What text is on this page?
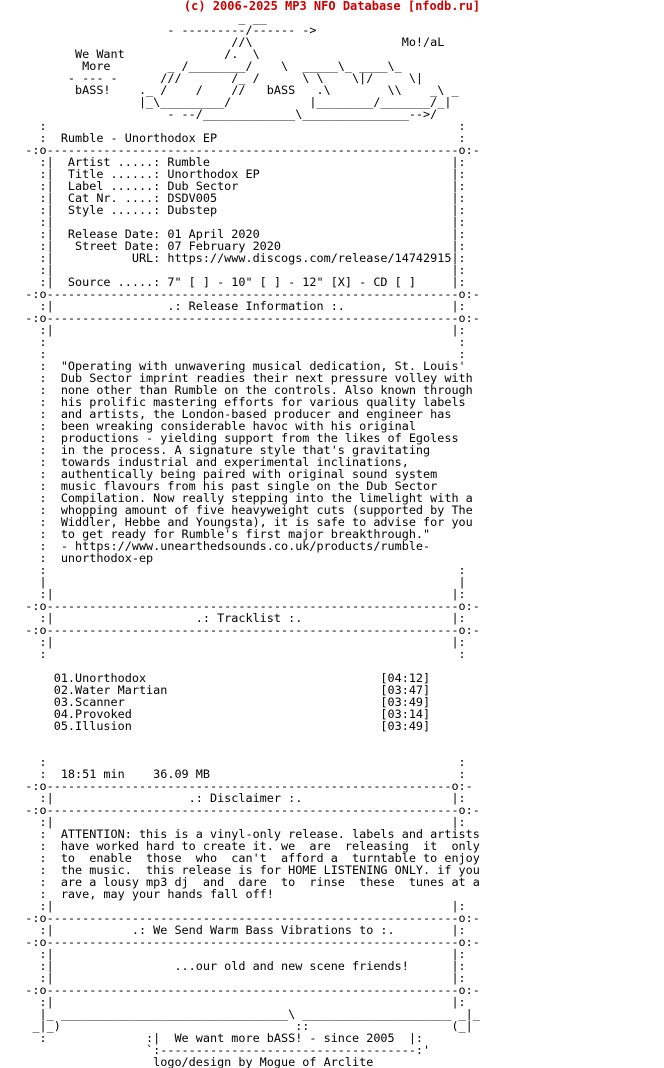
(c) 2006-2025 MP3 NFO Database [nfodb.ru]
_ __
- ---------/------ ->
//\                     Mo!/aL
We Want              /.  \
More        _ /________/    \  _____\_ ____\_
- --- -      ///       /_ /      \ \    \|/     \|
bASS!    ._ /    /    //   bASS   .\        \\    _\ _
|_\_________/           |________/_______/_|
- --/_____________\_______________-->/
:                                                          :
:  Rumble - Unorthodox EP                                  :
-:o----------------------------------------------------------o:-
:|  Artist .....: Rumble                                  |:
:|  Title ......: Unorthodox EP                           |:
:|  Label ......: Dub Sector                              |:
:|  Cat Nr. ....: DSDV005                                 |:
:|  Style ......: Dubstep                                 |:
:|                                                        |:
:|  Release Date: 01 April 2020                           |:
:|   Street Date: 07 February 2020                        |:
:|           URL: https://www.discogs.com/release/14742915|:
:|                                                        |:
:|  Source .....: 7" [ ] - 10" [ ] - 12" [X] - CD [ ]     |:
-:o----------------------------------------------------------o:-
:|                .: Release Information :.               |:
-:o----------------------------------------------------------o:-
:|                                                        |:
:                                                          :
:                                                          :
:  "Operating with unwavering musical dedication, St. Louis'
:  Dub Sector imprint readies their next pressure volley with
:  none other than Rumble on the controls. Also known through
:  his prolific mastering efforts for various quality labels
:  and artists, the London-based producer and engineer has
:  been wreaking considerable havoc with his original
:  productions - yielding support from the likes of Egoless
:  in the process. A signature style that's gravitating
:  towards industrial and experimental inclinations,
:  authentically being paired with original sound system
:  music flavours from his past single on the Dub Sector
:  Compilation. Now really stepping into the limelight with a
:  whopping amount of five heavyweight cuts (supported by The
:  Widdler, Hebbe and Youngsta), it is safe to advise for you
:  to get ready for Rumble's first major breakthrough."
:  - https://www.unearthedsounds.co.uk/products/rumble-
:  unorthodox-ep
:                                                          :
|                                                          |
:|                                                        |:
-:o----------------------------------------------------------o:-
:|                    .: Tracklist :.                     |:
-:o----------------------------------------------------------o:-
:|                                                        |:
:                                                          :

01.Unorthodox                                 [04:12]
02.Water Martian                              [03:47]
03.Scanner                                    [03:49]
04.Provoked                                   [03:14]
05.Illusion                                   [03:49]

:                                                          :
:  18:51 min    36.09 MB                                   :
-:o---------------------------------------------------------o:-
:|                   .: Disclaimer :.                     |:
-:o----------------------------------------------------------o:-
:|                                                        |:
:  ATTENTION: this is a vinyl-only release. labels and artists
:  have worked hard to create it. we  are  releasing  it  only
:  to  enable  those  who  can't  afford a  turntable to enjoy
:  the music.  this release is for HOME LISTENING ONLY. if you
:  are a lousy mp3 dj  and  dare  to  rinse  these  tunes at a
:  rave, may your hands fall off!
:|                                                        |:
-:o----------------------------------------------------------o:-
:|           .: We Send Warm Bass Vibrations to :.        |:
-:o----------------------------------------------------------o:-
:|                                                        |:
:|                 ...our old and new scene friends!      |:
:|                                                        |:
-:o----------------------------------------------------------o:-
:|                                                        |:
|_ ________________________________\ _____________________ _|_
_|_)                                 ::                    (_|
:              :|  We want more bASS! - since 2005  |:
`:------------------------------------:'
logo/design by Mogue of Arclite
